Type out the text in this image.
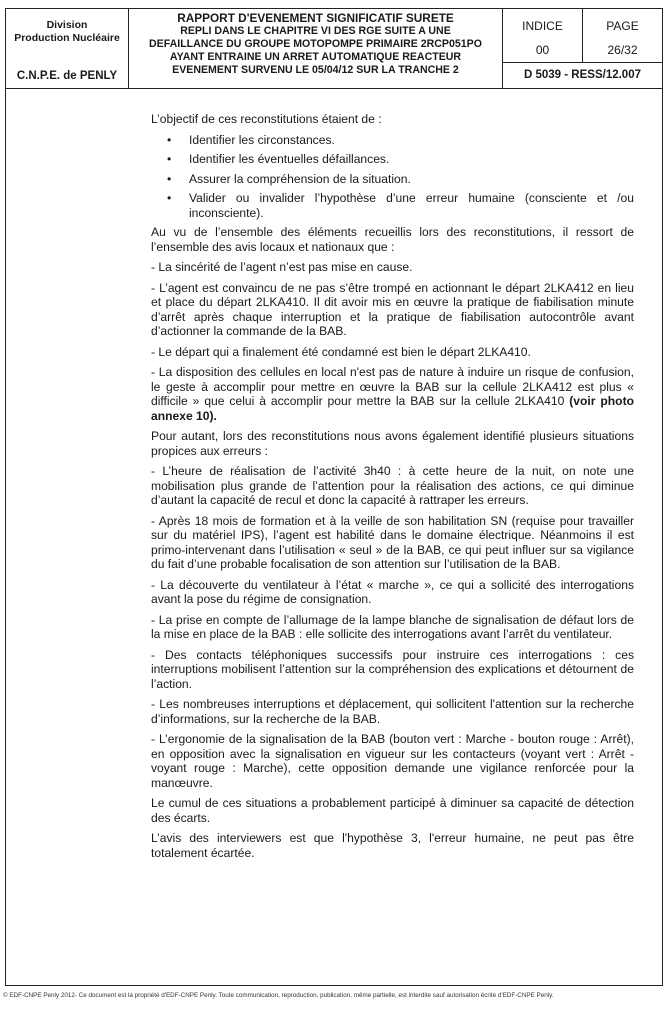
Division
Production Nucléaire
C.N.P.E. de PENLY
RAPPORT D'EVENEMENT SIGNIFICATIF SURETE
REPLI DANS LE CHAPITRE VI DES RGE SUITE A UNE
DEFAILLANCE DU GROUPE MOTOPOMPE PRIMAIRE 2RCP051PO
AYANT ENTRAINE UN ARRET AUTOMATIQUE REACTEUR
EVENEMENT SURVENU LE 05/04/12 SUR LA TRANCHE 2
INDICE
00
PAGE
26/32
D 5039 - RESS/12.007

L’objectif de ces reconstitutions étaient de :

• Identifier les circonstances.
• Identifier les éventuelles défaillances.
• Assurer la compréhension de la situation.
• Valider ou invalider l’hypothèse d’une erreur humaine (consciente et /ou inconsciente).

Au vu de l’ensemble des éléments recueillis lors des reconstitutions, il ressort de l’ensemble des avis locaux et nationaux que :

- La sincérité de l’agent n’est pas mise en cause.

- L’agent est convaincu de ne pas s’être trompé en actionnant le départ 2LKA412 en lieu et place du départ 2LKA410. Il dit avoir mis en œuvre la pratique de fiabilisation minute d’arrêt après chaque interruption et la pratique de fiabilisation autocontrôle avant d’actionner la commande de la BAB.

- Le départ qui a finalement été condamné est bien le départ 2LKA410.

- La disposition des cellules en local n'est pas de nature à induire un risque de confusion, le geste à accomplir pour mettre en œuvre la BAB sur la cellule 2LKA412 est plus « difficile » que celui à accomplir pour mettre la BAB sur la cellule 2LKA410 (voir photo annexe 10).

Pour autant, lors des reconstitutions nous avons également identifié plusieurs situations propices aux erreurs :

- L’heure de réalisation de l’activité 3h40 : à cette heure de la nuit, on note une mobilisation plus grande de l’attention pour la réalisation des actions, ce qui diminue d’autant la capacité de recul et donc la capacité à rattraper les erreurs.

- Après 18 mois de formation et à la veille de son habilitation SN (requise pour travailler sur du matériel IPS), l’agent est habilité dans le domaine électrique. Néanmoins il est primo-intervenant dans l’utilisation « seul » de la BAB, ce qui peut influer sur sa vigilance du fait d’une probable focalisation de son attention sur l’utilisation de la BAB.

- La découverte du ventilateur à l’état « marche », ce qui a sollicité des interrogations avant la pose du régime de consignation.

- La prise en compte de l’allumage de la lampe blanche de signalisation de défaut lors de la mise en place de la BAB : elle sollicite des interrogations avant l’arrêt du ventilateur.

- Des contacts téléphoniques successifs pour instruire ces interrogations : ces interruptions mobilisent l’attention sur la compréhension des explications et détournent de l’action.

- Les nombreuses interruptions et déplacement, qui sollicitent l'attention sur la recherche d’informations, sur la recherche de la BAB.

- L’ergonomie de la signalisation de la BAB (bouton vert : Marche - bouton rouge : Arrêt), en opposition avec la signalisation en vigueur sur les contacteurs (voyant vert : Arrêt - voyant rouge : Marche), cette opposition demande une vigilance renforcée pour la manœuvre.

Le cumul de ces situations a probablement participé à diminuer sa capacité de détection des écarts.

L’avis des interviewers est que l'hypothèse 3, l'erreur humaine, ne peut pas être totalement écartée.

© EDF-CNPE Penly 2012- Ce document est la propriété d'EDF-CNPE Penly. Toute communication, reproduction, publication, même partielle, est interdite sauf autorisation écrite d'EDF-CNPE Penly.
